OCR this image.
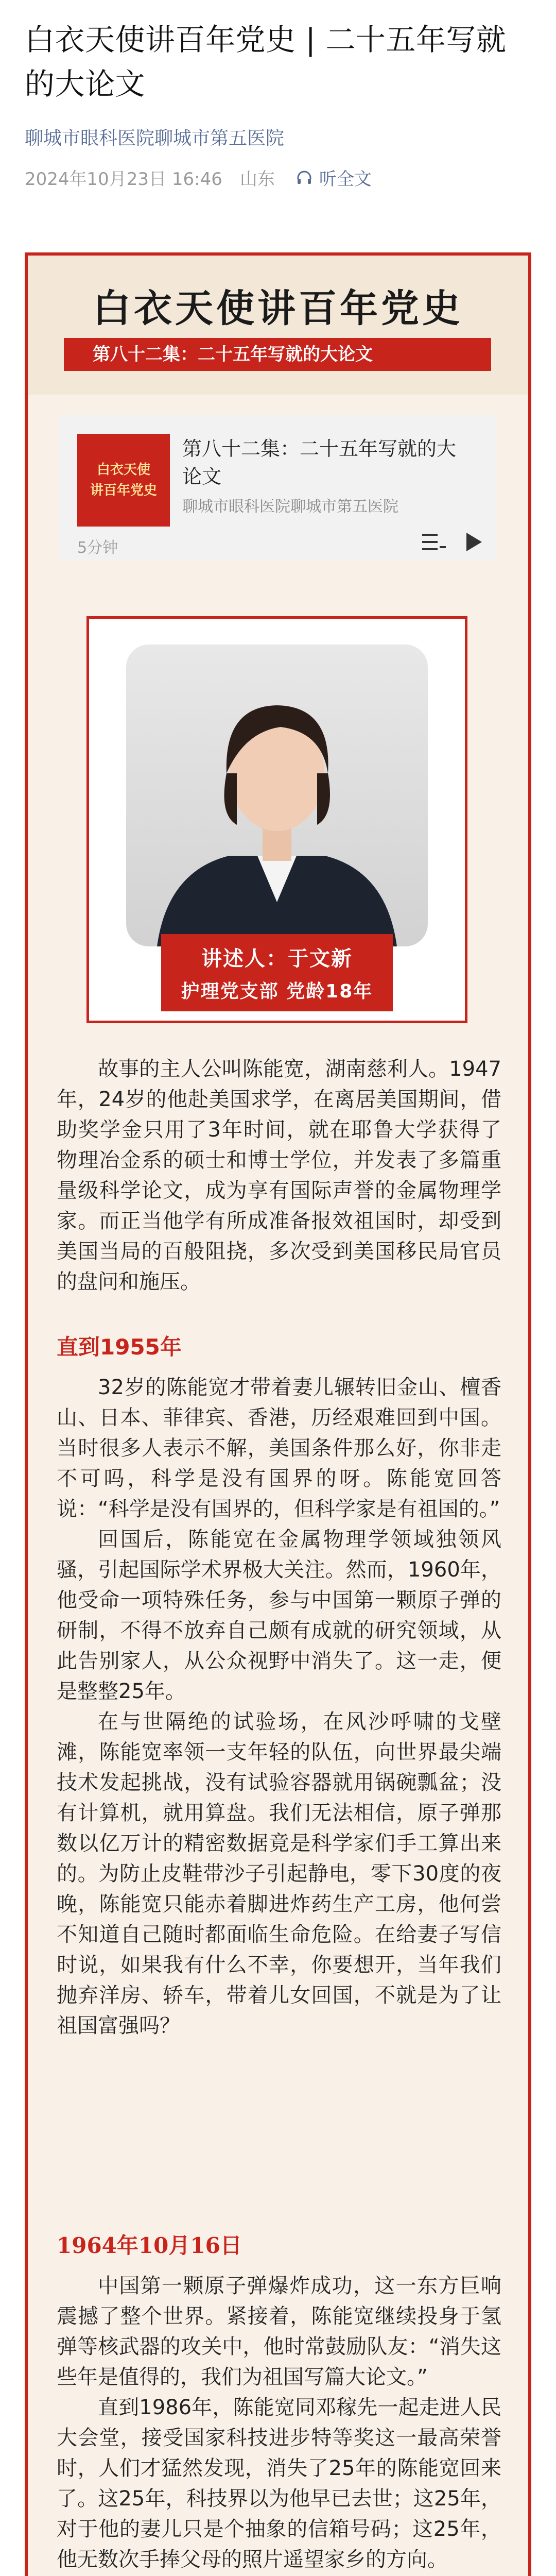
白衣天使讲百年党史 | 二十五年写就的大论文
聊城市眼科医院聊城市第五医院
2024年10月23日 16:46 山东	听全文
白衣天使讲百年党史
第八十二集：二十五年写就的大论文
白衣天使
讲百年党史
第八十二集：二十五年写就的大论文
聊城市眼科医院聊城市第五医院
5分钟
讲述人：于文新
护理党支部 党龄18年

故事的主人公叫陈能宽，湖南慈利人。1947年，24岁的他赴美国求学，在离居美国期间，借助奖学金只用了3年时间，就在耶鲁大学获得了物理冶金系的硕士和博士学位，并发表了多篇重量级科学论文，成为享有国际声誉的金属物理学家。而正当他学有所成准备报效祖国时，却受到美国当局的百般阻挠，多次受到美国移民局官员的盘问和施压。

直到1955年

32岁的陈能宽才带着妻儿辗转旧金山、檀香山、日本、菲律宾、香港，历经艰难回到中国。当时很多人表示不解，美国条件那么好，你非走不可吗，科学是没有国界的呀。陈能宽回答说：“科学是没有国界的，但科学家是有祖国的。”

回国后，陈能宽在金属物理学领域独领风骚，引起国际学术界极大关注。然而，1960年，他受命一项特殊任务，参与中国第一颗原子弹的研制，不得不放弃自己颇有成就的研究领域，从此告别家人，从公众视野中消失了。这一走，便是整整25年。

在与世隔绝的试验场，在风沙呼啸的戈壁滩，陈能宽率领一支年轻的队伍，向世界最尖端技术发起挑战，没有试验容器就用锅碗瓢盆；没有计算机，就用算盘。我们无法相信，原子弹那数以亿万计的精密数据竟是科学家们手工算出来的。为防止皮鞋带沙子引起静电，零下30度的夜晚，陈能宽只能赤着脚进炸药生产工房，他何尝不知道自己随时都面临生命危险。在给妻子写信时说，如果我有什么不幸，你要想开，当年我们抛弃洋房、轿车，带着儿女回国，不就是为了让祖国富强吗？

1964年10月16日

中国第一颗原子弹爆炸成功，这一东方巨响震撼了整个世界。紧接着，陈能宽继续投身于氢弹等核武器的攻关中，他时常鼓励队友：“消失这些年是值得的，我们为祖国写篇大论文。”

直到1986年，陈能宽同邓稼先一起走进人民大会堂，接受国家科技进步特等奖这一最高荣誉时，人们才猛然发现，消失了25年的陈能宽回来了。这25年，科技界以为他早已去世；这25年，对于他的妻儿只是个抽象的信箱号码；这25年，他无数次手捧父母的照片遥望家乡的方向。
